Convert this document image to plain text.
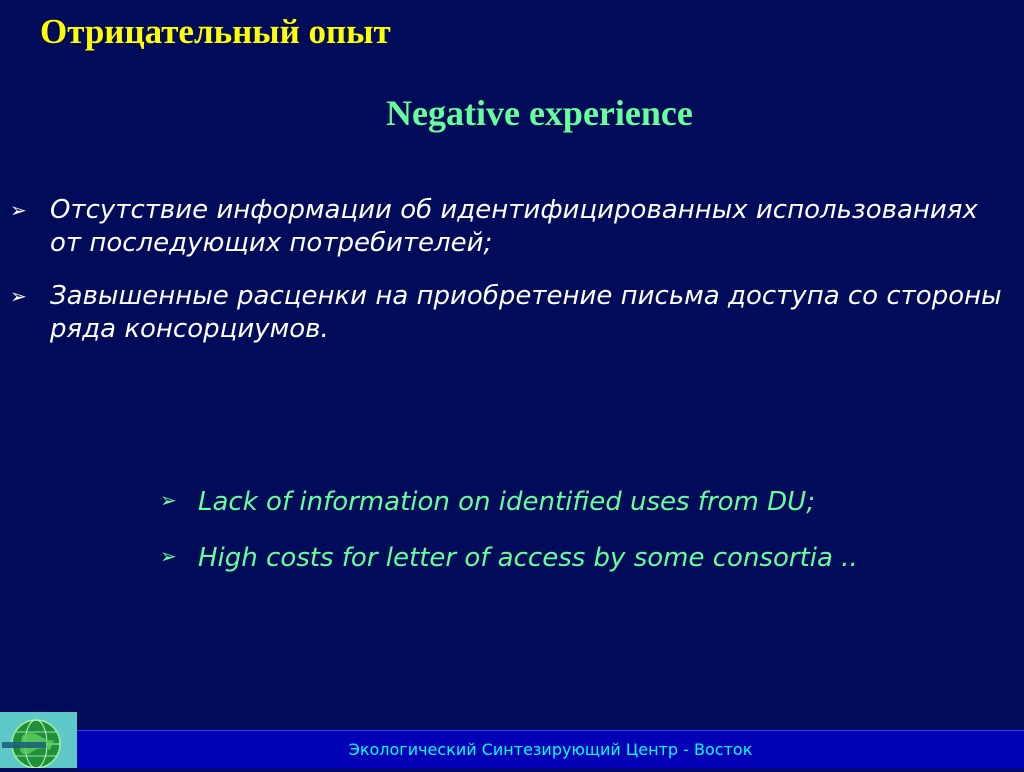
Отрицательный опыт
Negative experience
➢ Отсутствие информации об идентифицированных использованиях от последующих потребителей;
➢ Завышенные расценки на приобретение письма доступа со стороны ряда консорциумов.
➢ Lack of information on identified uses from DU;
➢ High costs for letter of access by some consortia ..
Экологический Синтезирующий Центр - Восток
